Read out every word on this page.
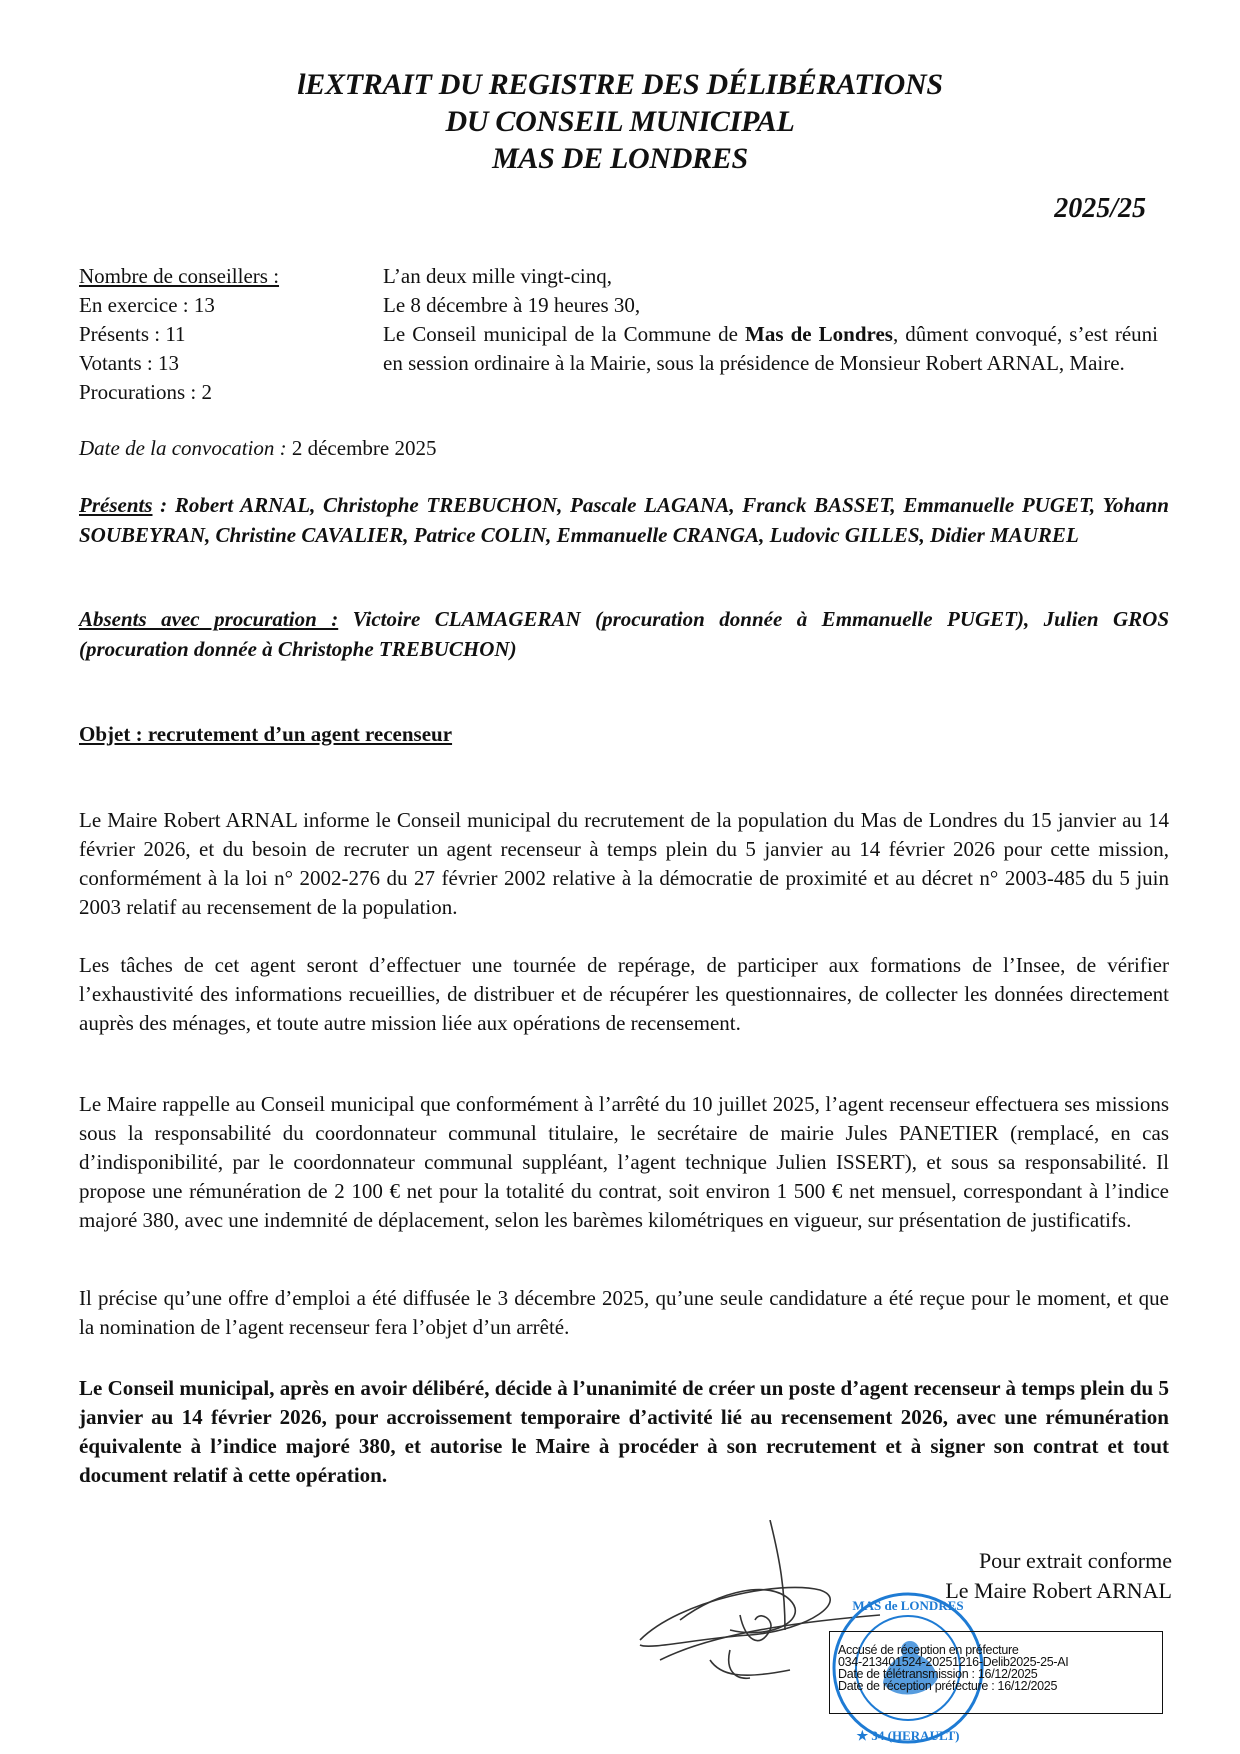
lEXTRAIT DU REGISTRE DES DÉLIBÉRATIONS
DU CONSEIL MUNICIPAL
MAS DE LONDRES
2025/25
Nombre de conseillers :
En exercice : 13
Présents : 11
Votants : 13
Procurations : 2
L’an deux mille vingt-cinq,
Le 8 décembre à 19 heures 30,
Le Conseil municipal de la Commune de Mas de Londres, dûment convoqué, s’est réuni en session ordinaire à la Mairie, sous la présidence de Monsieur Robert ARNAL, Maire.
Date de la convocation : 2 décembre 2025
Présents : Robert ARNAL, Christophe TREBUCHON, Pascale LAGANA, Franck BASSET, Emmanuelle PUGET, Yohann SOUBEYRAN, Christine CAVALIER, Patrice COLIN, Emmanuelle CRANGA, Ludovic GILLES, Didier MAUREL
Absents avec procuration : Victoire CLAMAGERAN (procuration donnée à Emmanuelle PUGET), Julien GROS (procuration donnée à Christophe TREBUCHON)
Objet : recrutement d’un agent recenseur
Le Maire Robert ARNAL informe le Conseil municipal du recrutement de la population du Mas de Londres du 15 janvier au 14 février 2026, et du besoin de recruter un agent recenseur à temps plein du 5 janvier au 14 février 2026 pour cette mission, conformément à la loi n° 2002-276 du 27 février 2002 relative à la démocratie de proximité et au décret n° 2003-485 du 5 juin 2003 relatif au recensement de la population.
Les tâches de cet agent seront d’effectuer une tournée de repérage, de participer aux formations de l’Insee, de vérifier l’exhaustivité des informations recueillies, de distribuer et de récupérer les questionnaires, de collecter les données directement auprès des ménages, et toute autre mission liée aux opérations de recensement.
Le Maire rappelle au Conseil municipal que conformément à l’arrêté du 10 juillet 2025, l’agent recenseur effectuera ses missions sous la responsabilité du coordonnateur communal titulaire, le secrétaire de mairie Jules PANETIER (remplacé, en cas d’indisponibilité, par le coordonnateur communal suppléant, l’agent technique Julien ISSERT), et sous sa responsabilité. Il propose une rémunération de 2 100 € net pour la totalité du contrat, soit environ 1 500 € net mensuel, correspondant à l’indice majoré 380, avec une indemnité de déplacement, selon les barèmes kilométriques en vigueur, sur présentation de justificatifs.
Il précise qu’une offre d’emploi a été diffusée le 3 décembre 2025, qu’une seule candidature a été reçue pour le moment, et que la nomination de l’agent recenseur fera l’objet d’un arrêté.
Le Conseil municipal, après en avoir délibéré, décide à l’unanimité de créer un poste d’agent recenseur à temps plein du 5 janvier au 14 février 2026, pour accroissement temporaire d’activité lié au recensement 2026, avec une rémunération équivalente à l’indice majoré 380, et autorise le Maire à procéder à son recrutement et à signer son contrat et tout document relatif à cette opération.
Pour extrait conforme
Le Maire Robert ARNAL
★ 34 (HERAULT)
MAS de LONDRES
Accusé de réception en préfecture
034-213401524-20251216-Delib2025-25-AI
Date de télétransmission : 16/12/2025
Date de réception préfecture : 16/12/2025
